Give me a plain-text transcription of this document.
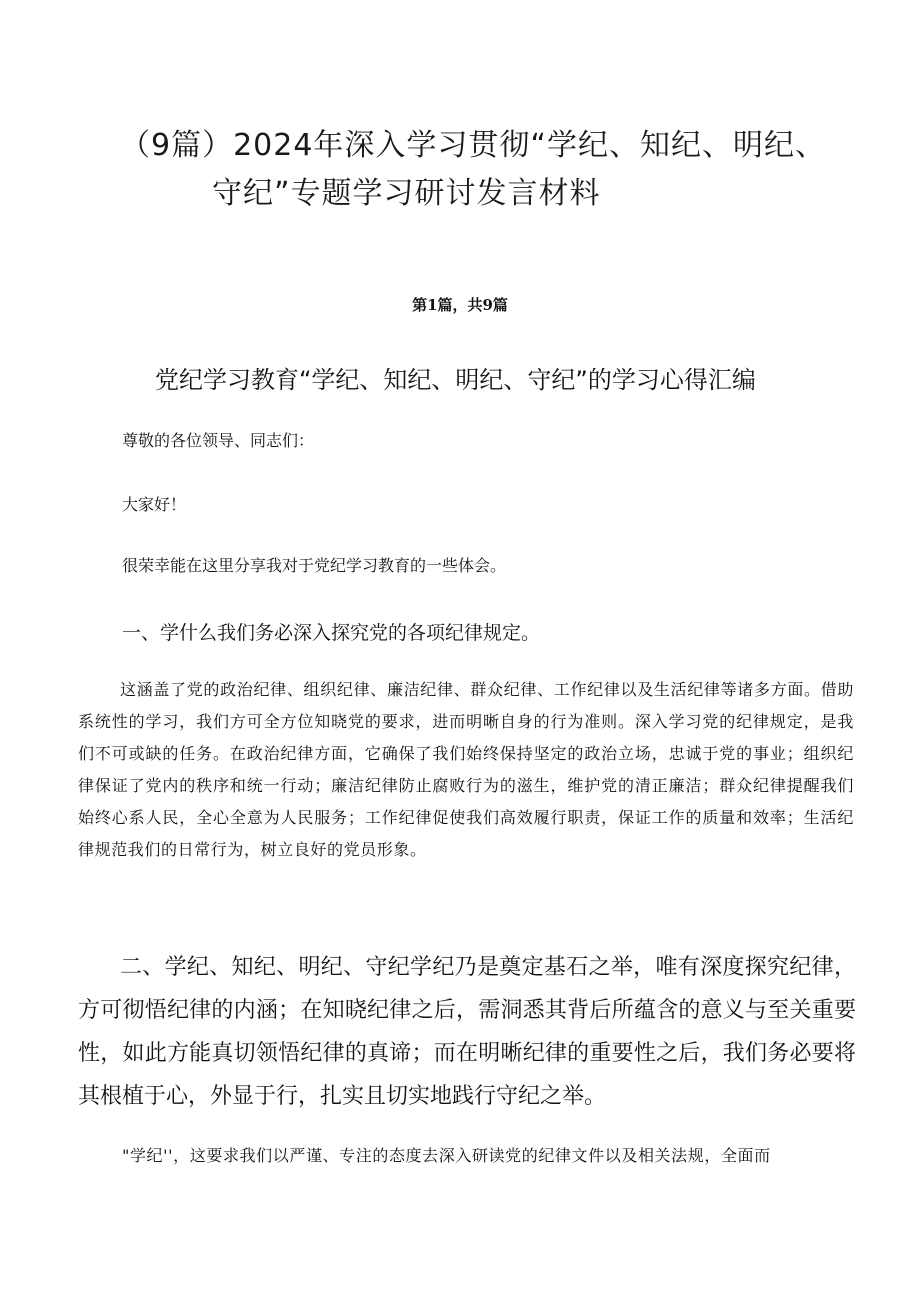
（9篇）2024年深入学习贯彻“学纪、知纪、明纪、
守纪”专题学习研讨发言材料
第1篇，共9篇
党纪学习教育“学纪、知纪、明纪、守纪”的学习心得汇编

尊敬的各位领导、同志们：

大家好！

很荣幸能在这里分享我对于党纪学习教育的一些体会。

一、学什么我们务必深入探究党的各项纪律规定。

这涵盖了党的政治纪律、组织纪律、廉洁纪律、群众纪律、工作纪律以及生活纪律等诸多方面。借助系统性的学习，我们方可全方位知晓党的要求，进而明晰自身的行为准则。深入学习党的纪律规定，是我们不可或缺的任务。在政治纪律方面，它确保了我们始终保持坚定的政治立场，忠诚于党的事业；组织纪律保证了党内的秩序和统一行动；廉洁纪律防止腐败行为的滋生，维护党的清正廉洁；群众纪律提醒我们始终心系人民，全心全意为人民服务；工作纪律促使我们高效履行职责，保证工作的质量和效率；生活纪律规范我们的日常行为，树立良好的党员形象。

二、学纪、知纪、明纪、守纪学纪乃是奠定基石之举，唯有深度探究纪律，方可彻悟纪律的内涵；在知晓纪律之后，需洞悉其背后所蕴含的意义与至关重要性，如此方能真切领悟纪律的真谛；而在明晰纪律的重要性之后，我们务必要将其根植于心，外显于行，扎实且切实地践行守纪之举。

"学纪''，这要求我们以严谨、专注的态度去深入研读党的纪律文件以及相关法规，全面而
